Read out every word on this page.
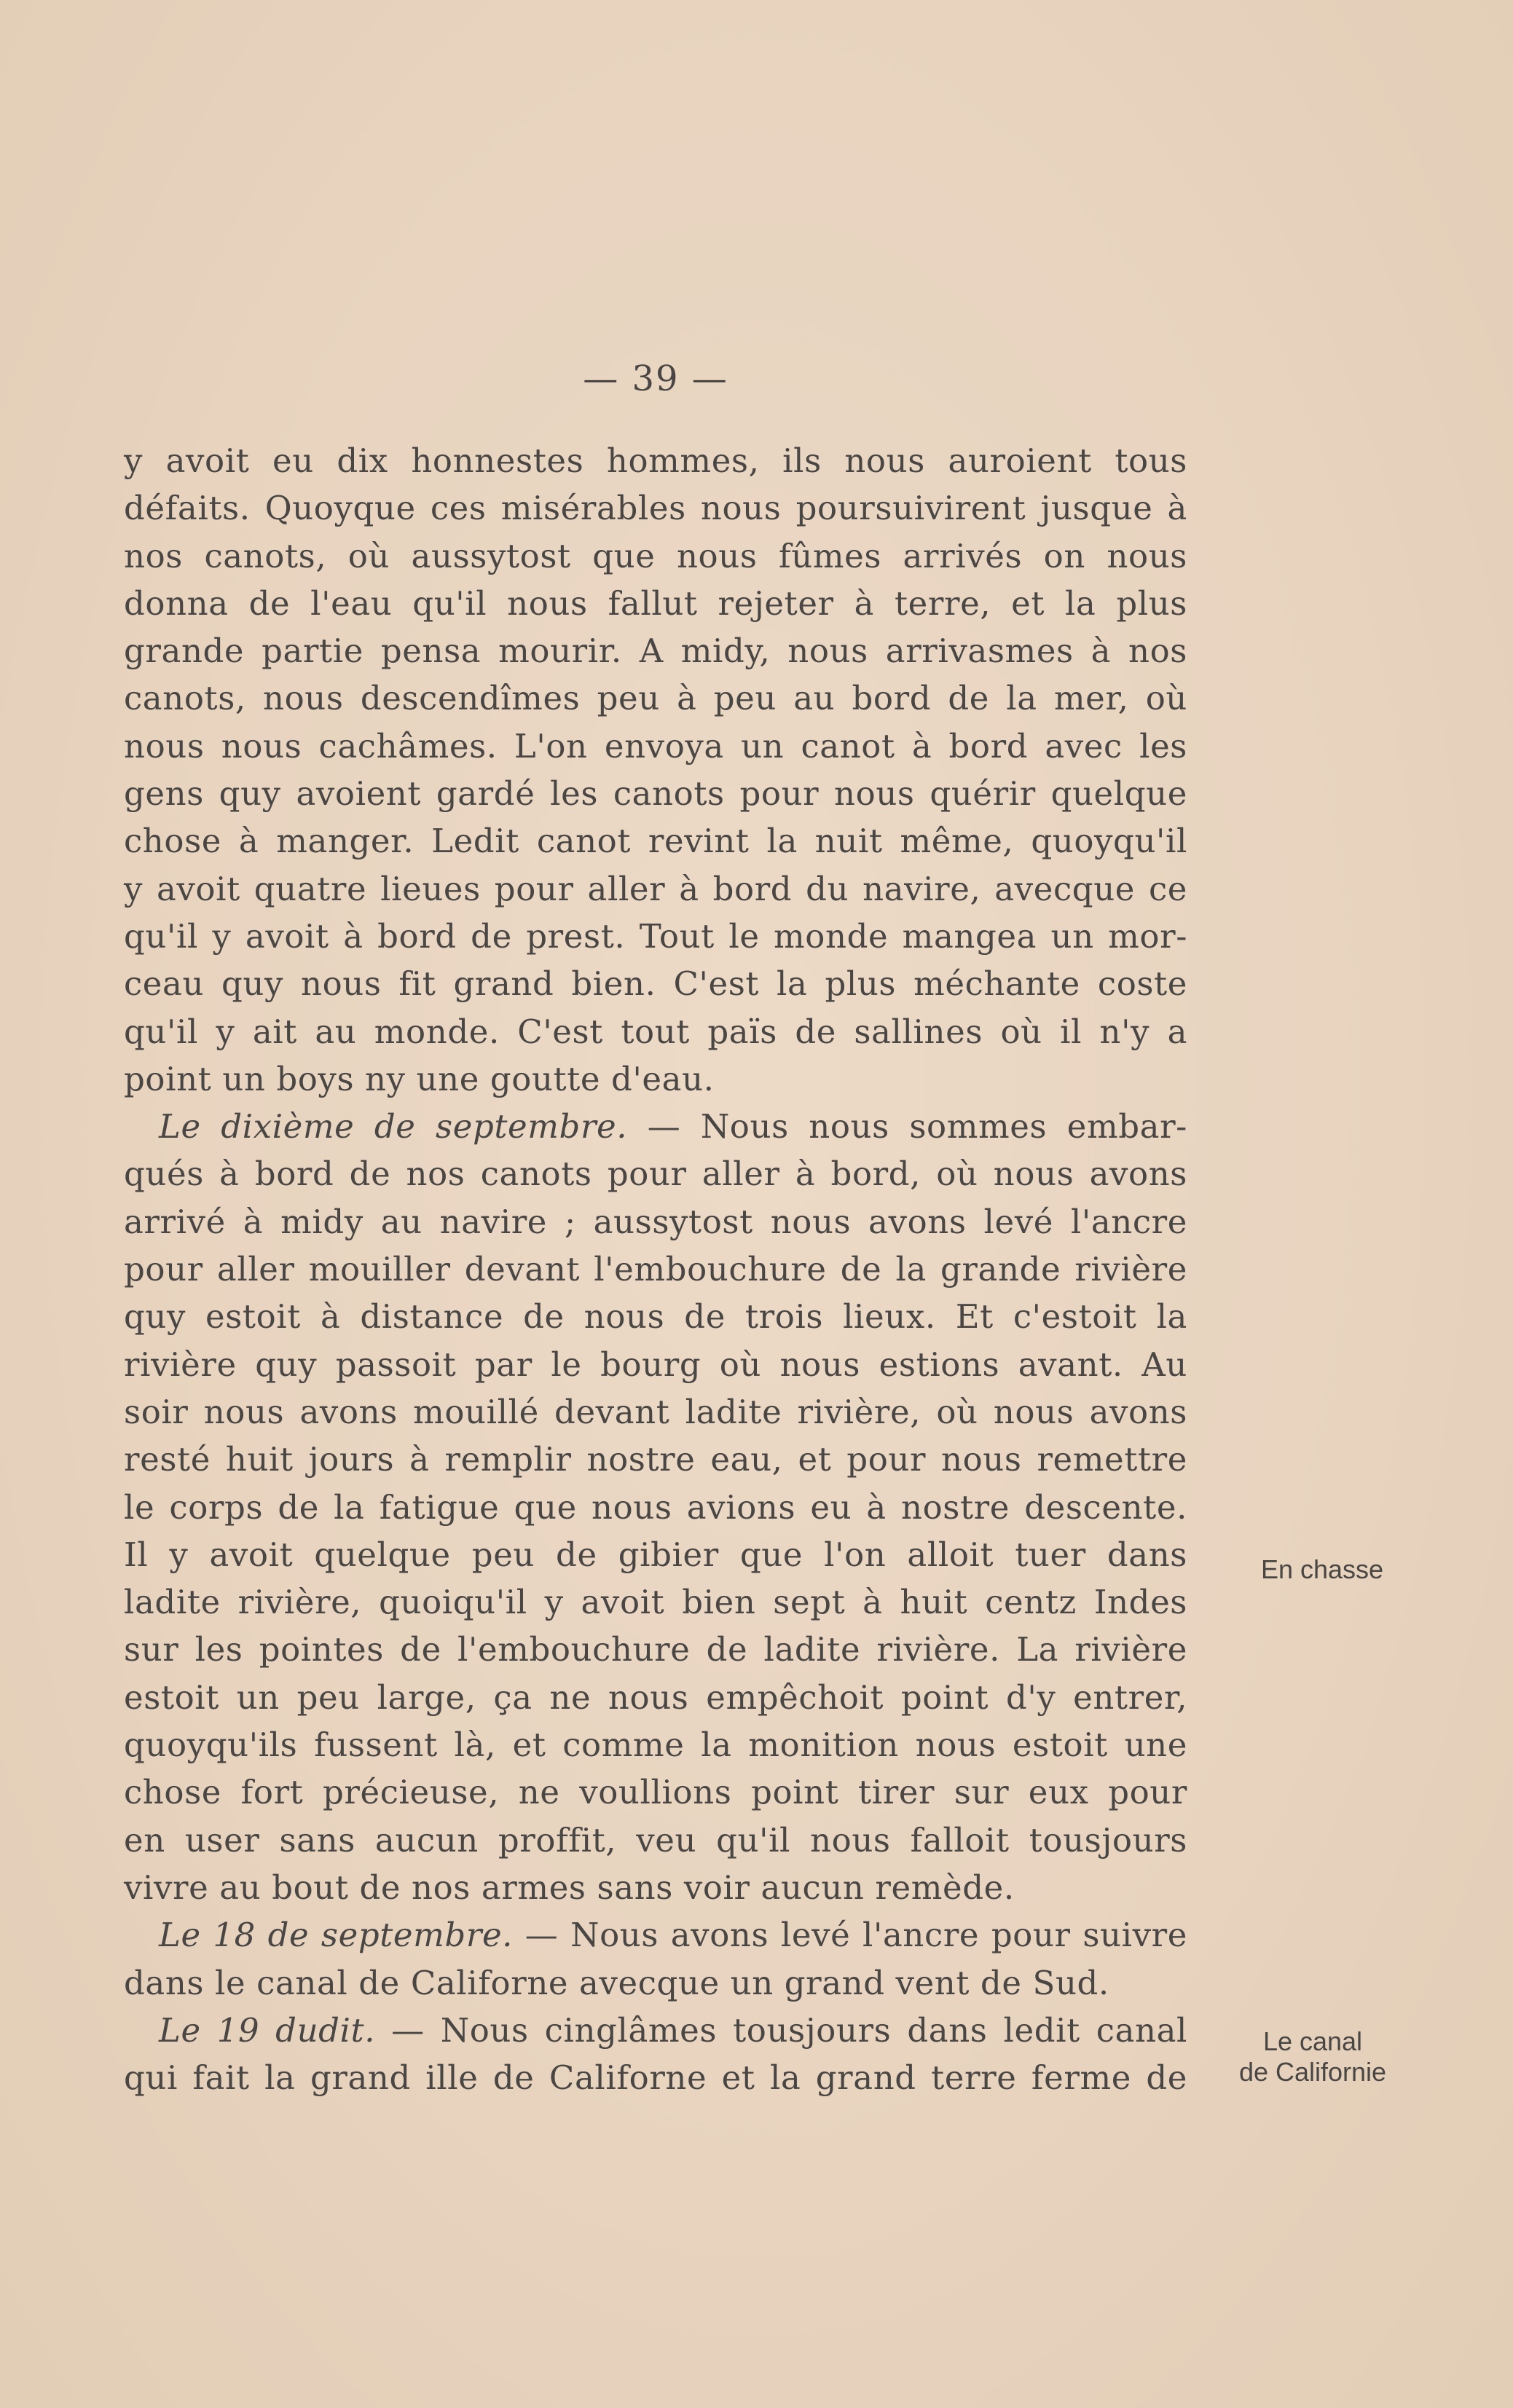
— 39 —
y avoit eu dix honnestes hommes, ils nous auroient tous
défaits. Quoyque ces misérables nous poursuivirent jusque à
nos canots, où aussytost que nous fûmes arrivés on nous
donna de l'eau qu'il nous fallut rejeter à terre, et la plus
grande partie pensa mourir. A midy, nous arrivasmes à nos
canots, nous descendîmes peu à peu au bord de la mer, où
nous nous cachâmes. L'on envoya un canot à bord avec les
gens quy avoient gardé les canots pour nous quérir quelque
chose à manger. Ledit canot revint la nuit même, quoyqu'il
y avoit quatre lieues pour aller à bord du navire, avecque ce
qu'il y avoit à bord de prest. Tout le monde mangea un mor-
ceau quy nous fit grand bien. C'est la plus méchante coste
qu'il y ait au monde. C'est tout païs de sallines où il n'y a
point un boys ny une goutte d'eau.
Le dixième de septembre. — Nous nous sommes embar-
qués à bord de nos canots pour aller à bord, où nous avons
arrivé à midy au navire ; aussytost nous avons levé l'ancre
pour aller mouiller devant l'embouchure de la grande rivière
quy estoit à distance de nous de trois lieux. Et c'estoit la
rivière quy passoit par le bourg où nous estions avant. Au
soir nous avons mouillé devant ladite rivière, où nous avons
resté huit jours à remplir nostre eau, et pour nous remettre
le corps de la fatigue que nous avions eu à nostre descente.
Il y avoit quelque peu de gibier que l'on alloit tuer dans
ladite rivière, quoiqu'il y avoit bien sept à huit centz Indes
sur les pointes de l'embouchure de ladite rivière. La rivière
estoit un peu large, ça ne nous empêchoit point d'y entrer,
quoyqu'ils fussent là, et comme la monition nous estoit une
chose fort précieuse, ne voullions point tirer sur eux pour
en user sans aucun proffit, veu qu'il nous falloit tousjours
vivre au bout de nos armes sans voir aucun remède.
Le 18 de septembre. — Nous avons levé l'ancre pour suivre
dans le canal de Californe avecque un grand vent de Sud.
Le 19 dudit. — Nous cinglâmes tousjours dans ledit canal
qui fait la grand ille de Californe et la grand terre ferme de
En chasse
Le canal
de Californie
